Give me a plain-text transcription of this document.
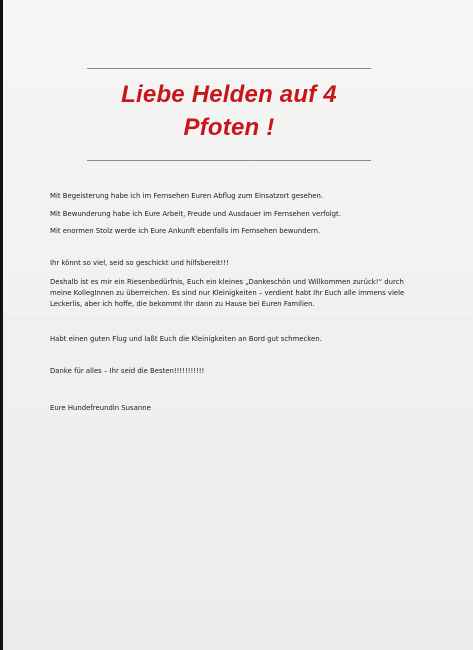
Liebe Helden auf 4 Pfoten !

Mit Begeisterung habe ich im Fernsehen Euren Abflug zum Einsatzort gesehen.

Mit Bewunderung habe ich Eure Arbeit, Freude und Ausdauer im Fernsehen verfolgt.

Mit enormen Stolz werde ich Eure Ankunft ebenfalls im Fernsehen bewundern.

Ihr könnt so viel, seid so geschickt und hilfsbereit!!!

Deshalb ist es mir ein Riesenbedürfnis, Euch ein kleines „Dankeschön und Willkommen zurück!“ durch meine KollegInnen zu überreichen. Es sind nur Kleinigkeiten – verdient habt Ihr Euch alle immens viele Leckerlis, aber ich hoffe, die bekommt Ihr dann zu Hause bei Euren Familien.

Habt einen guten Flug und laßt Euch die Kleinigkeiten an Bord gut schmecken.

Danke für alles – Ihr seid die Besten!!!!!!!!!!!

Eure Hundefreundin Susanne
